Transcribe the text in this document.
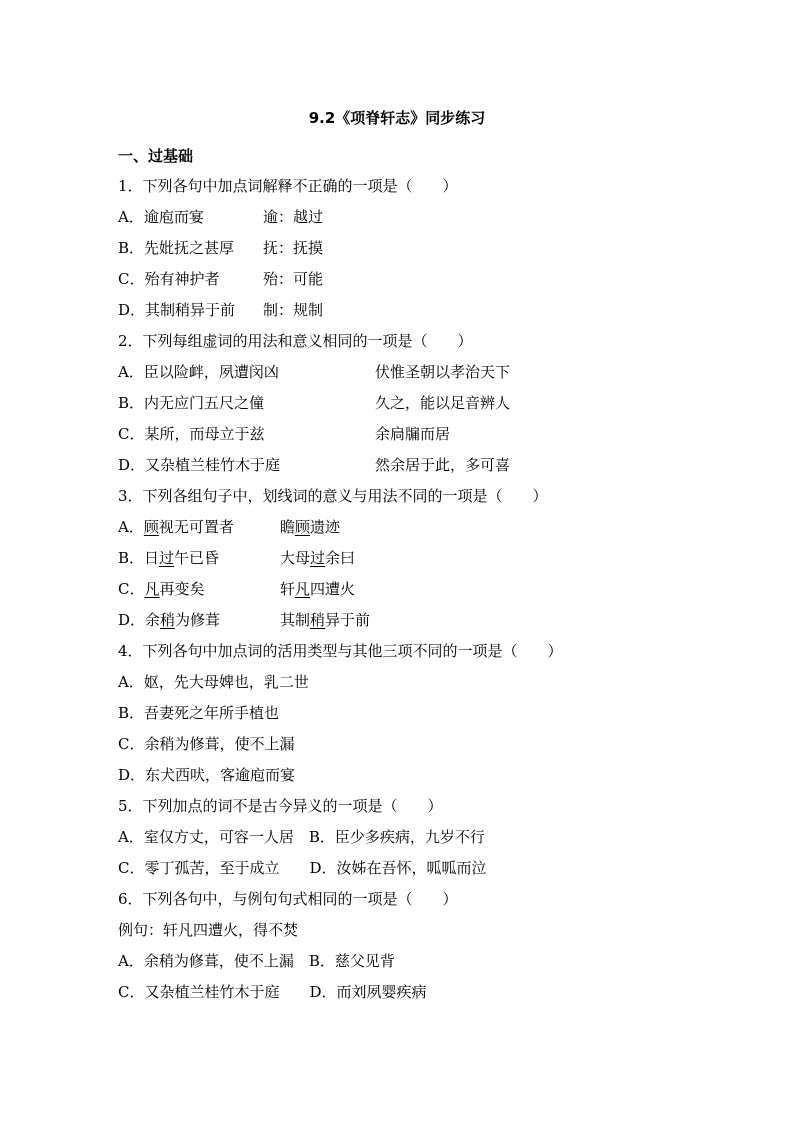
9.2《项脊轩志》同步练习
一、过基础
1．下列各句中加点词解释不正确的一项是（　　）
A．逾庖而宴	逾：越过
B．先妣抚之甚厚 抚：抚摸
C．殆有神护者	殆：可能
D．其制稍异于前 制：规制
2．下列每组虚词的用法和意义相同的一项是（　　）
A．臣以险衅，夙遭闵凶	伏惟圣朝以孝治天下
B．内无应门五尺之僮	久之，能以足音辨人
C．某所，而母立于兹	余扃牖而居
D．又杂植兰桂竹木于庭	然余居于此，多可喜
3．下列各组句子中，划线词的意义与用法不同的一项是（　　）
A．顾视无可置者	瞻顾遗迹
B．日过午已昏	大母过余曰
C．凡再变矣	轩凡四遭火
D．余稍为修葺	其制稍异于前
4．下列各句中加点词的活用类型与其他三项不同的一项是（　　）
A．妪，先大母婢也，乳二世
B．吾妻死之年所手植也
C．余稍为修葺，使不上漏
D．东犬西吠，客逾庖而宴
5．下列加点的词不是古今异义的一项是（　　）
A．室仅方丈，可容一人居　B．臣少多疾病，九岁不行
C．零丁孤苦，至于成立　　D．汝姊在吾怀，呱呱而泣
6．下列各句中，与例句句式相同的一项是（　　）
例句：轩凡四遭火，得不焚
A．余稍为修葺，使不上漏　B．慈父见背
C．又杂植兰桂竹木于庭　　D．而刘夙婴疾病
